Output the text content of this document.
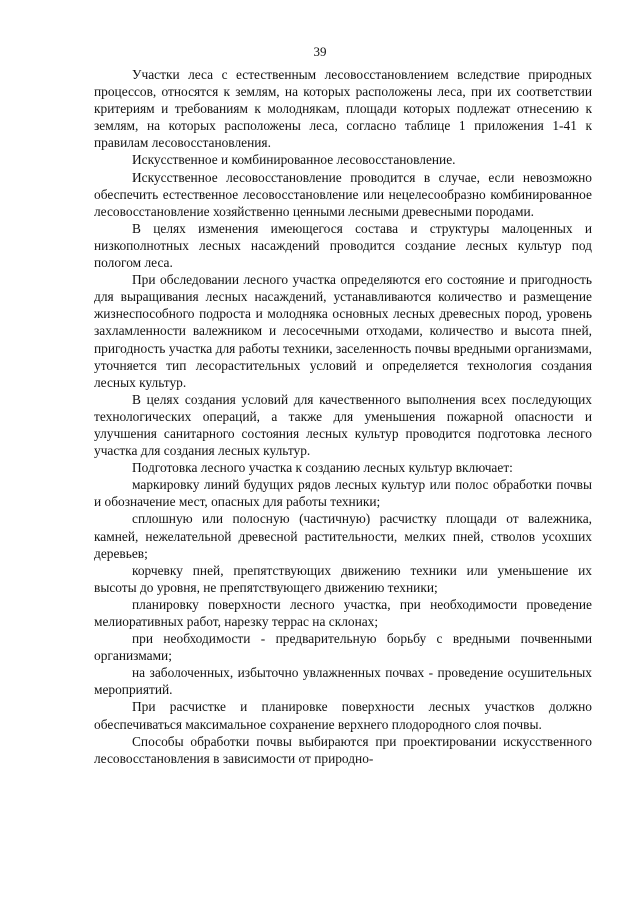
39

Участки леса с естественным лесовосстановлением вследствие природных процессов, относятся к землям, на которых расположены леса, при их соответствии критериям и требованиям к молоднякам, площади которых подлежат отнесению к землям, на которых расположены леса, согласно таблице 1 приложения 1-41 к правилам лесовосстановления.

Искусственное и комбинированное лесовосстановление.

Искусственное лесовосстановление проводится в случае, если невозможно обеспечить естественное лесовосстановление или нецелесообразно комбинированное лесовосстановление хозяйственно ценными лесными древесными породами.

В целях изменения имеющегося состава и структуры малоценных и низкополнотных лесных насаждений проводится создание лесных культур под пологом леса.

При обследовании лесного участка определяются его состояние и пригодность для выращивания лесных насаждений, устанавливаются количество и размещение жизнеспособного подроста и молодняка основных лесных древесных пород, уровень захламленности валежником и лесосечными отходами, количество и высота пней, пригодность участка для работы техники, заселенность почвы вредными организмами, уточняется тип лесорастительных условий и определяется технология создания лесных культур.

В целях создания условий для качественного выполнения всех последующих технологических операций, а также для уменьшения пожарной опасности и улучшения санитарного состояния лесных культур проводится подготовка лесного участка для создания лесных культур.

Подготовка лесного участка к созданию лесных культур включает:

маркировку линий будущих рядов лесных культур или полос обработки почвы и обозначение мест, опасных для работы техники;

сплошную или полосную (частичную) расчистку площади от валежника, камней, нежелательной древесной растительности, мелких пней, стволов усохших деревьев;

корчевку пней, препятствующих движению техники или уменьшение их высоты до уровня, не препятствующего движению техники;

планировку поверхности лесного участка, при необходимости проведение мелиоративных работ, нарезку террас на склонах;

при необходимости - предварительную борьбу с вредными почвенными организмами;

на заболоченных, избыточно увлажненных почвах - проведение осушительных мероприятий.

При расчистке и планировке поверхности лесных участков должно обеспечиваться максимальное сохранение верхнего плодородного слоя почвы.

Способы обработки почвы выбираются при проектировании искусственного лесовосстановления в зависимости от природно-
